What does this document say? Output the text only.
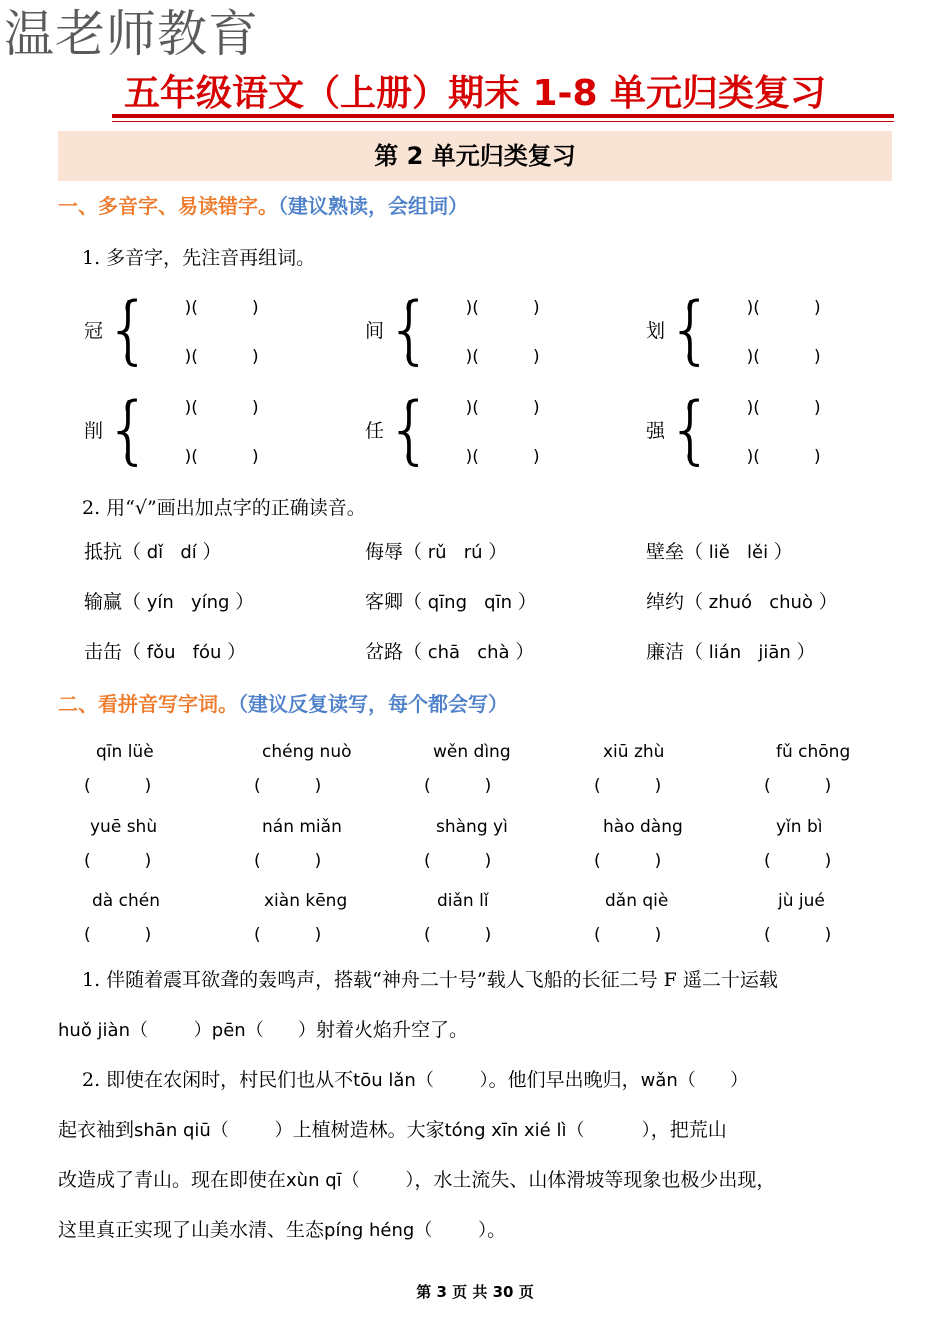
温老师教育
五年级语文（上册）期末 1-8 单元归类复习
第 2 单元归类复习
一、多音字、易读错字。（建议熟读，会组词）
1. 多音字，先注音再组词。
冠 {
(          )(          )
(          )(          )
间 {
(          )(          )
(          )(          )
划 {
(          )(          )
(          )(          )
削 {
(          )(          )
(          )(          )
任 {
(          )(          )
(          )(          )
强 {
(          )(          )
(          )(          )
2. 用“√”画出加点字的正确读音。
抵抗（ dǐ   dí ）	侮辱（ rǔ   rú ）	壁垒（ liě   lěi ）
输赢（ yín   yíng ）	客卿（ qīng   qīn ）	绰约（ zhuó   chuò ）
击缶（ fǒu   fóu ）	岔路（ chā   chà ）	廉洁（ lián   jiān ）
二、看拼音写字词。（建议反复读写，每个都会写）
qīn lüè	chéng nuò	wěn dìng	xiū zhù	fǔ chōng
(          )	(          )	(          )	(          )	(          )
yuē shù	nán miǎn	shàng yì	hào dàng	yǐn bì
(          )	(          )	(          )	(          )	(          )
dà chén	xiàn kēng	diǎn lǐ	dǎn qiè	jù jué
(          )	(          )	(          )	(          )	(          )
1. 伴随着震耳欲聋的轰鸣声，搭载“神舟二十号”载人飞船的长征二号 F 遥二十运载
huǒ jiàn（        ）pēn（      ）射着火焰升空了。
2. 即使在农闲时，村民们也从不tōu lǎn（        ）。他们早出晚归，wǎn（      ）
起衣袖到shān qiū（        ）上植树造林。大家tóng xīn xié lì（          ），把荒山
改造成了青山。现在即使在xùn qī（        ），水土流失、山体滑坡等现象也极少出现，
这里真正实现了山美水清、生态píng héng（        ）。
第 3 页 共 30 页
